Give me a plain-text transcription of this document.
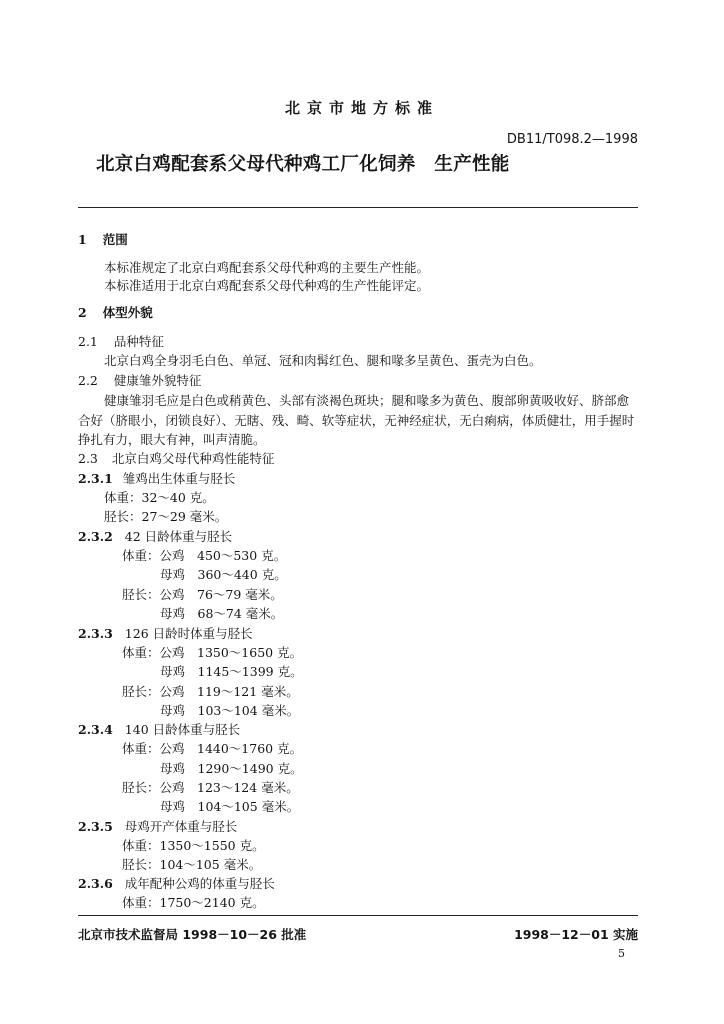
北京市地方标准
DB11/T098.2—1998
北京白鸡配套系父母代种鸡工厂化饲养　生产性能
1 范围
本标准规定了北京白鸡配套系父母代种鸡的主要生产性能。
本标准适用于北京白鸡配套系父母代种鸡的生产性能评定。
2 体型外貌
2.1 品种特征
北京白鸡全身羽毛白色、单冠、冠和肉髯红色、腿和喙多呈黄色、蛋壳为白色。
2.2 健康雏外貌特征
健康雏羽毛应是白色或稍黄色、头部有淡褐色斑块；腿和喙多为黄色、腹部卵黄吸收好、脐部愈
合好（脐眼小，闭锁良好）、无瞎、残、畸、软等症状，无神经症状，无白痢病，体质健壮，用手握时
挣扎有力，眼大有神，叫声清脆。
2.3 北京白鸡父母代种鸡性能特征
2.3.1 雏鸡出生体重与胫长
体重：32～40 克。
胫长：27～29 毫米。
2.3.2 42 日龄体重与胫长
体重：公鸡　450～530 克。
母鸡　360～440 克。
胫长：公鸡　76～79 毫米。
母鸡　68～74 毫米。
2.3.3 126 日龄时体重与胫长
体重：公鸡　1350～1650 克。
母鸡　1145～1399 克。
胫长：公鸡　119～121 毫米。
母鸡　103～104 毫米。
2.3.4 140 日龄体重与胫长
体重：公鸡　1440～1760 克。
母鸡　1290～1490 克。
胫长：公鸡　123～124 毫米。
母鸡　104～105 毫米。
2.3.5 母鸡开产体重与胫长
体重：1350～1550 克。
胫长：104～105 毫米。
2.3.6 成年配种公鸡的体重与胫长
体重：1750～2140 克。
北京市技术监督局 1998－10－26 批准	1998－12－01 实施
5
